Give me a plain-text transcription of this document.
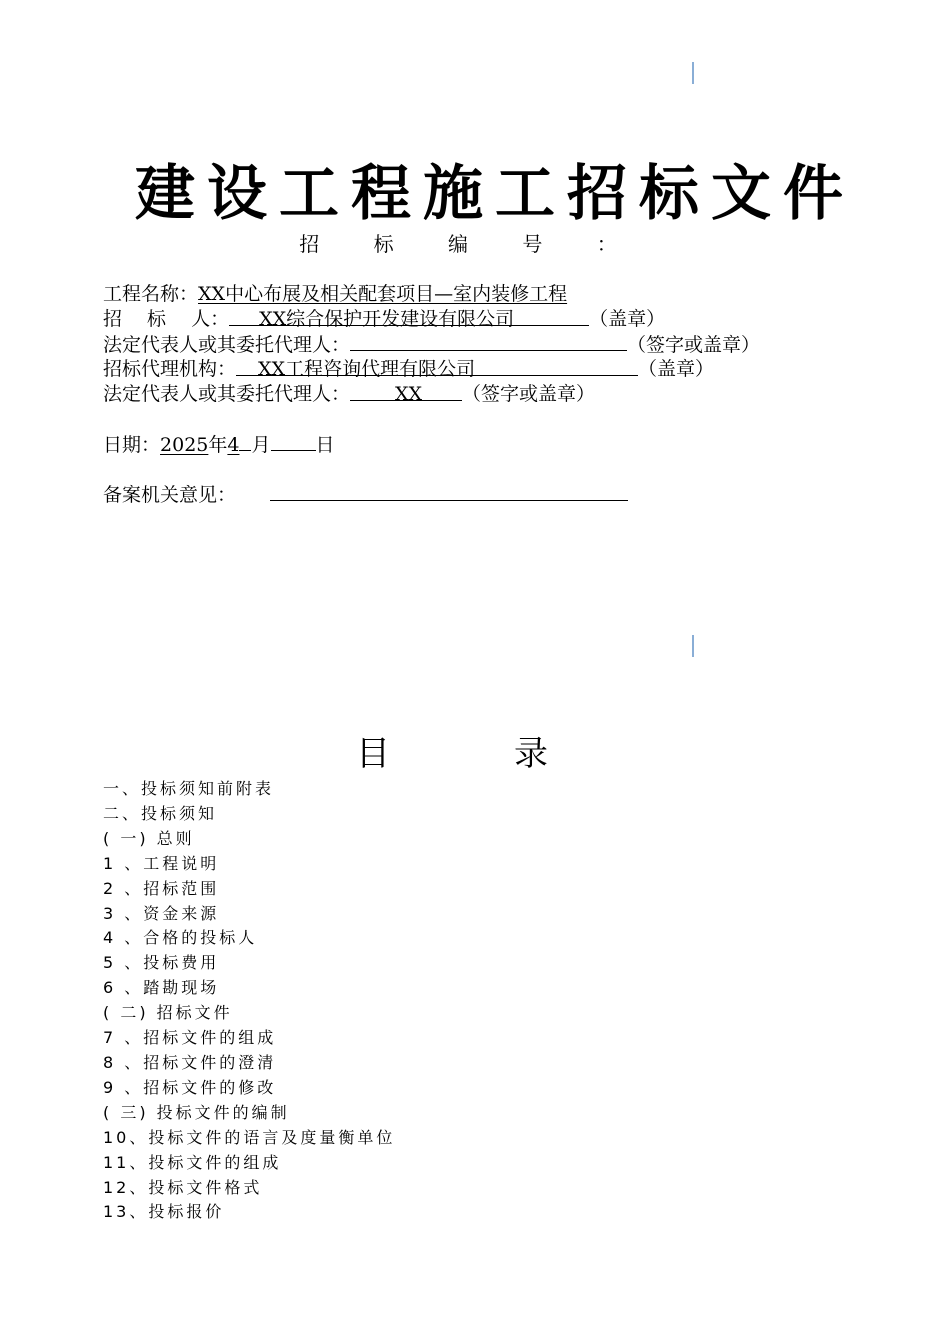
建设工程施工招标文件
招 标 编 号 ：
工程名称：XX中心布展及相关配套项目—室内装修工程
招　 标　 人： XX综合保护开发建设有限公司	（盖章）
法定代表人或其委托代理人：	（签字或盖章）
招标代理机构： XX工程咨询代理有限公司	（盖章）
法定代表人或其委托代理人： XX （签字或盖章）
日期：2025年4 月 日
备案机关意见：
目	录
一、投标须知前附表
二、投标须知
( 一) 总则
1 、工程说明
2 、招标范围
3 、资金来源
4 、合格的投标人
5 、投标费用
6 、踏勘现场
( 二) 招标文件
7 、招标文件的组成
8 、招标文件的澄清
9 、招标文件的修改
( 三) 投标文件的编制
10、投标文件的语言及度量衡单位
11、投标文件的组成
12、投标文件格式
13、投标报价
